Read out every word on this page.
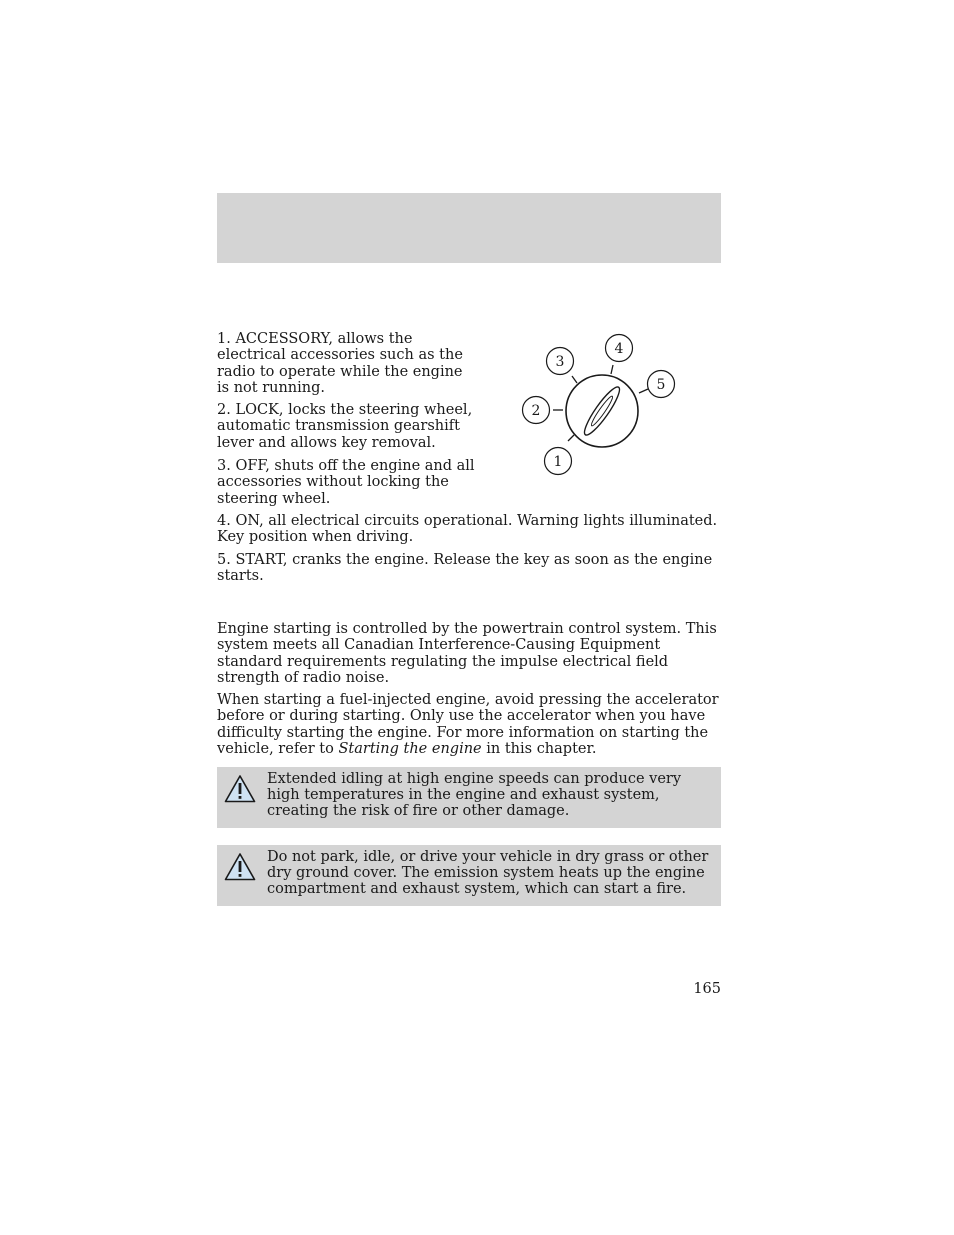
1. ACCESSORY, allows the electrical accessories such as the radio to operate while the engine is not running.

2. LOCK, locks the steering wheel, automatic transmission gearshift lever and allows key removal.

3. OFF, shuts off the engine and all accessories without locking the steering wheel.

4. ON, all electrical circuits operational. Warning lights illuminated. Key position when driving.

5. START, cranks the engine. Release the key as soon as the engine starts.

1
2
3
4
5

Engine starting is controlled by the powertrain control system. This system meets all Canadian Interference-Causing Equipment standard requirements regulating the impulse electrical field strength of radio noise.

When starting a fuel-injected engine, avoid pressing the accelerator before or during starting. Only use the accelerator when you have difficulty starting the engine. For more information on starting the vehicle, refer to Starting the engine in this chapter.

Extended idling at high engine speeds can produce very high temperatures in the engine and exhaust system, creating the risk of fire or other damage.

Do not park, idle, or drive your vehicle in dry grass or other dry ground cover. The emission system heats up the engine compartment and exhaust system, which can start a fire.

165
